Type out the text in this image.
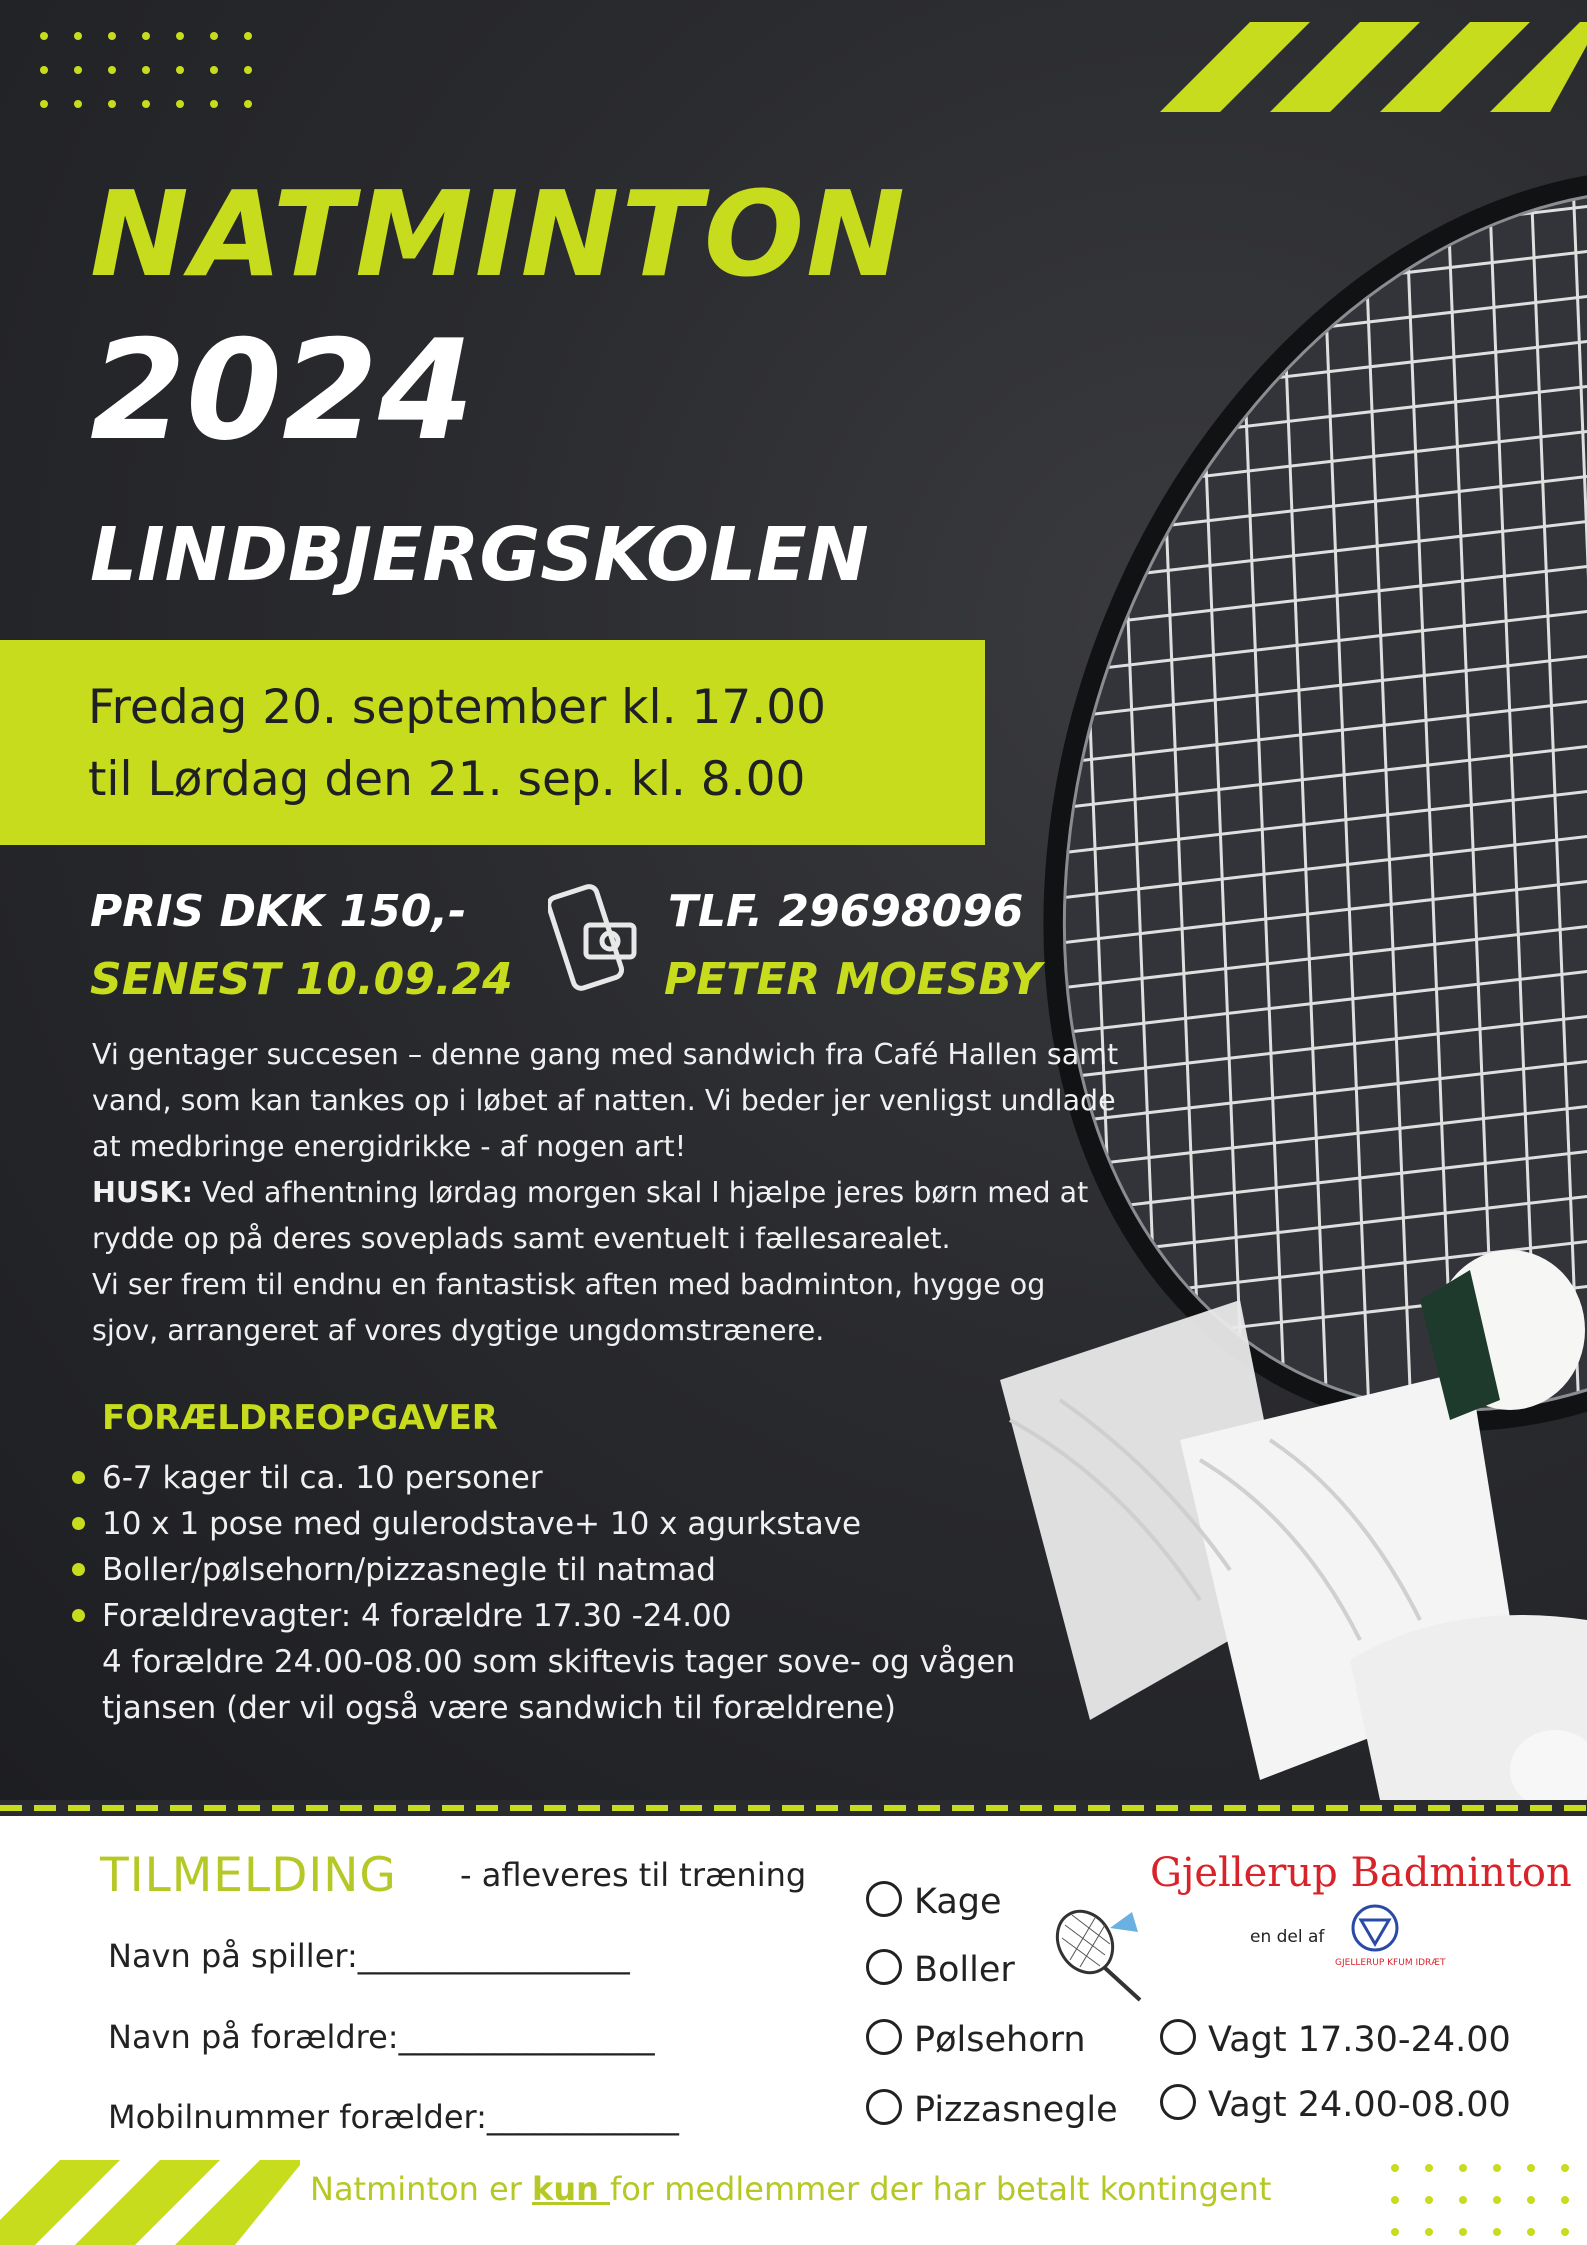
NATMINTON
2024
LINDBJERGSKOLEN
Fredag 20. september kl. 17.00
til Lørdag den 21. sep. kl. 8.00
PRIS DKK 150,-
SENEST 10.09.24
TLF. 29698096
PETER MOESBY
Vi gentager succesen – denne gang med sandwich fra Café Hallen samt vand, som kan tankes op i løbet af natten. Vi beder jer venligst undlade at medbringe energidrikke - af nogen art!
HUSK: Ved afhentning lørdag morgen skal I hjælpe jeres børn med at rydde op på deres soveplads samt eventuelt i fællesarealet.
Vi ser frem til endnu en fantastisk aften med badminton, hygge og sjov, arrangeret af vores dygtige ungdomstrænere.
FORÆLDREOPGAVER
6-7 kager til ca. 10 personer
10 x 1 pose med gulerodstave+ 10 x agurkstave
Boller/pølsehorn/pizzasnegle til natmad
Forældrevagter: 4 forældre 17.30 -24.00
4 forældre 24.00-08.00 som skiftevis tager sove- og vågen
tjansen (der vil også være sandwich til forældrene)
TILMELDING - afleveres til træning
Navn på spiller:_________________
Navn på forældre:________________
Mobilnummer forælder:____________
Kage
Boller
Pølsehorn
Pizzasnegle
Vagt 17.30-24.00
Vagt 24.00-08.00
Gjellerup Badminton
en del af
GJELLERUP KFUM IDRÆT
Natminton er kun for medlemmer der har betalt kontingent
